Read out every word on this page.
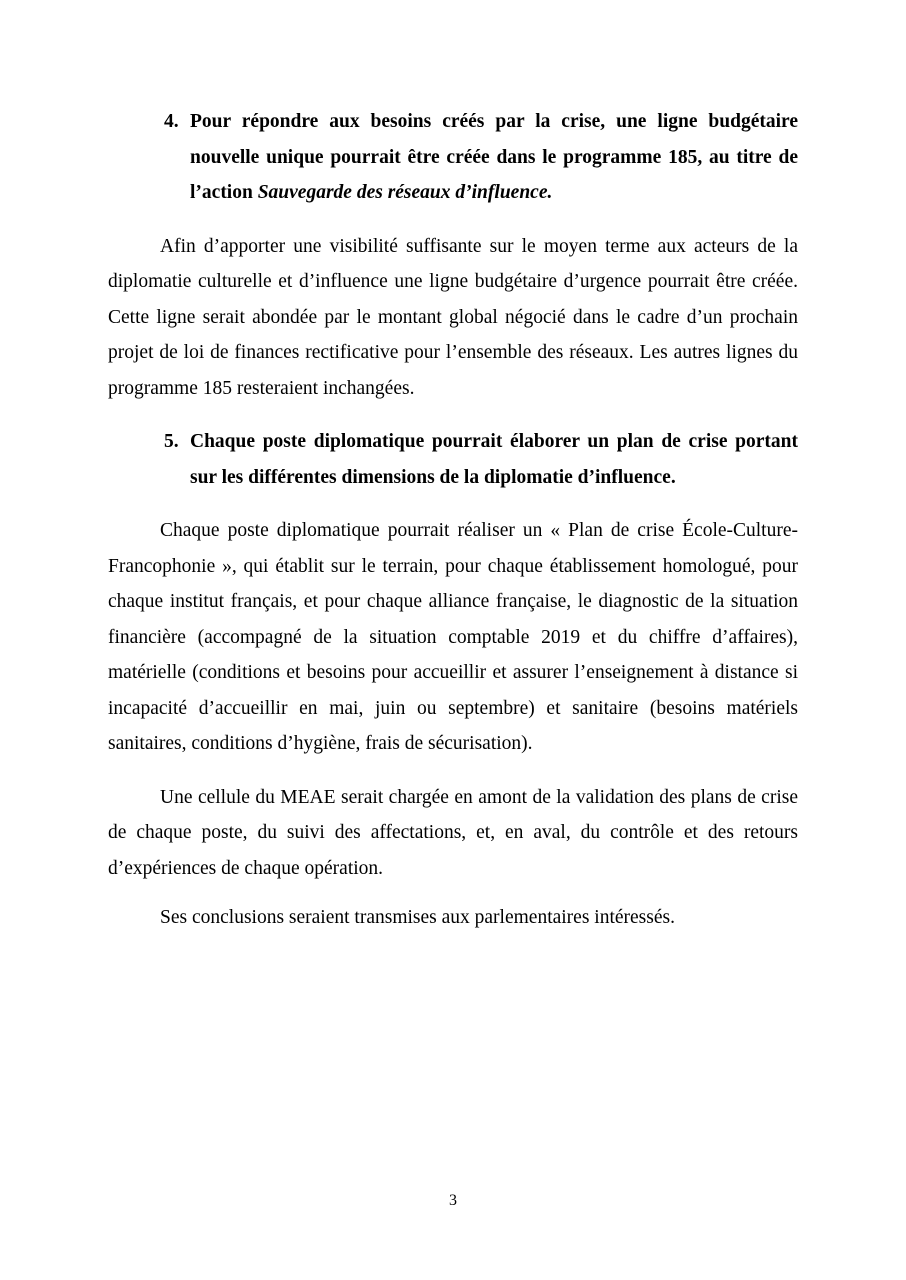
4. Pour répondre aux besoins créés par la crise, une ligne budgétaire nouvelle unique pourrait être créée dans le programme 185, au titre de l’action Sauvegarde des réseaux d’influence.

Afin d’apporter une visibilité suffisante sur le moyen terme aux acteurs de la diplomatie culturelle et d’influence une ligne budgétaire d’urgence pourrait être créée. Cette ligne serait abondée par le montant global négocié dans le cadre d’un prochain projet de loi de finances rectificative pour l’ensemble des réseaux. Les autres lignes du programme 185 resteraient inchangées.

5. Chaque poste diplomatique pourrait élaborer un plan de crise portant sur les différentes dimensions de la diplomatie d’influence.

Chaque poste diplomatique pourrait réaliser un « Plan de crise École-Culture-Francophonie », qui établit sur le terrain, pour chaque établissement homologué, pour chaque institut français, et pour chaque alliance française, le diagnostic de la situation financière (accompagné de la situation comptable 2019 et du chiffre d’affaires), matérielle (conditions et besoins pour accueillir et assurer l’enseignement à distance si incapacité d’accueillir en mai, juin ou septembre) et sanitaire (besoins matériels sanitaires, conditions d’hygiène, frais de sécurisation).

Une cellule du MEAE serait chargée en amont de la validation des plans de crise de chaque poste, du suivi des affectations, et, en aval, du contrôle et des retours d’expériences de chaque opération.

Ses conclusions seraient transmises aux parlementaires intéressés.

3
